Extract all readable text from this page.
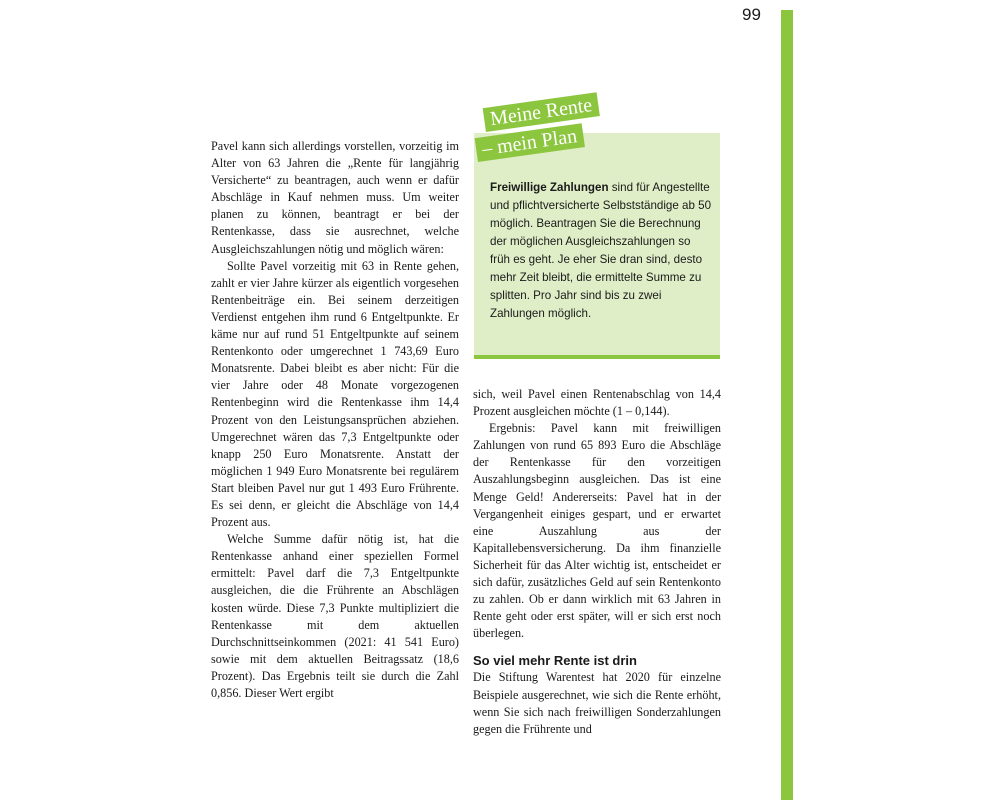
99

Pavel kann sich allerdings vorstellen, vorzeitig im Alter von 63 Jahren die „Rente für langjährig Versicherte“ zu beantragen, auch wenn er dafür Abschläge in Kauf nehmen muss. Um weiter planen zu können, beantragt er bei der Rentenkasse, dass sie ausrechnet, welche Ausgleichszahlungen nötig und möglich wären:

Sollte Pavel vorzeitig mit 63 in Rente gehen, zahlt er vier Jahre kürzer als eigentlich vorgesehen Rentenbeiträge ein. Bei seinem derzeitigen Verdienst entgehen ihm rund 6 Entgeltpunkte. Er käme nur auf rund 51 Entgeltpunkte auf seinem Rentenkonto oder umgerechnet 1 743,69 Euro Monatsrente. Dabei bleibt es aber nicht: Für die vier Jahre oder 48 Monate vorgezogenen Rentenbeginn wird die Rentenkasse ihm 14,4 Prozent von den Leistungsansprüchen abziehen. Umgerechnet wären das 7,3 Entgeltpunkte oder knapp 250 Euro Monatsrente. Anstatt der möglichen 1 949 Euro Monatsrente bei regulärem Start bleiben Pavel nur gut 1 493 Euro Frührente. Es sei denn, er gleicht die Abschläge von 14,4 Prozent aus.

Welche Summe dafür nötig ist, hat die Rentenkasse anhand einer speziellen Formel ermittelt: Pavel darf die 7,3 Entgeltpunkte ausgleichen, die die Frührente an Abschlägen kosten würde. Diese 7,3 Punkte multipliziert die Rentenkasse mit dem aktuellen Durchschnittseinkommen (2021: 41 541 Euro) sowie mit dem aktuellen Beitragssatz (18,6 Prozent). Das Ergebnis teilt sie durch die Zahl 0,856. Dieser Wert ergibt

Freiwillige Zahlungen sind für Angestellte und pflichtversicherte Selbstständige ab 50 möglich. Beantragen Sie die Berechnung der möglichen Ausgleichszahlungen so früh es geht. Je eher Sie dran sind, desto mehr Zeit bleibt, die ermittelte Summe zu splitten. Pro Jahr sind bis zu zwei Zahlungen möglich.

Meine Rente
– mein Plan

sich, weil Pavel einen Rentenabschlag von 14,4 Prozent ausgleichen möchte (1 – 0,144).

Ergebnis: Pavel kann mit freiwilligen Zahlungen von rund 65 893 Euro die Abschläge der Rentenkasse für den vorzeitigen Auszahlungsbeginn ausgleichen. Das ist eine Menge Geld! Andererseits: Pavel hat in der Vergangenheit einiges gespart, und er erwartet eine Auszahlung aus der Kapitallebensversicherung. Da ihm finanzielle Sicherheit für das Alter wichtig ist, entscheidet er sich dafür, zusätzliches Geld auf sein Rentenkonto zu zahlen. Ob er dann wirklich mit 63 Jahren in Rente geht oder erst später, will er sich erst noch überlegen.

So viel mehr Rente ist drin

Die Stiftung Warentest hat 2020 für einzelne Beispiele ausgerechnet, wie sich die Rente erhöht, wenn Sie sich nach freiwilligen Sonderzahlungen gegen die Frührente und
